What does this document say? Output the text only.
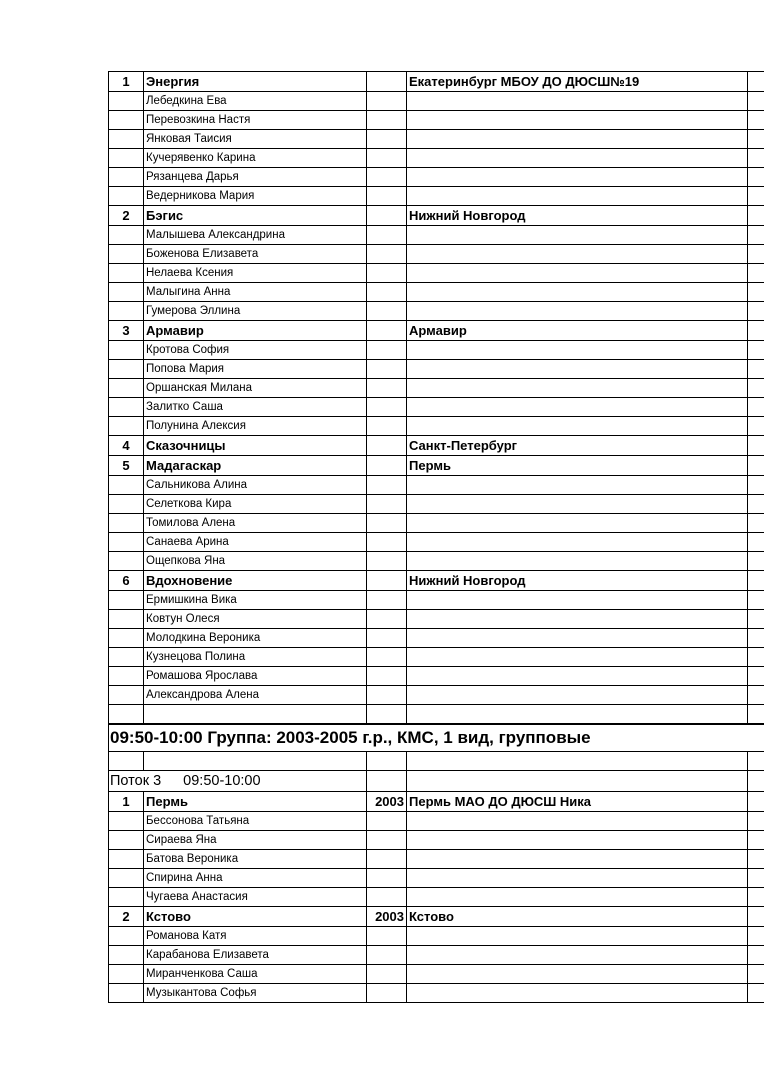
1	Энергия		Екатеринбург МБОУ ДО ДЮСШ№19	
	Лебедкина Ева			
	Перевозкина Настя			
	Янковая Таисия			
	Кучерявенко Карина			
	Рязанцева Дарья			
	Ведерникова Мария			
2	Бэгис		Нижний Новгород	
	Малышева Александрина			
	Боженова Елизавета			
	Нелаева Ксения			
	Малыгина Анна			
	Гумерова Эллина			
3	Армавир		Армавир	
	Кротова София			
	Попова Мария			
	Оршанская Милана			
	Залитко Саша			
	Полунина Алексия			
4	Сказочницы		Санкт-Петербург	
5	Мадагаскар		Пермь	
	Сальникова Алина			
	Селеткова Кира			
	Томилова Алена			
	Санаева Арина			
	Ощепкова Яна			
6	Вдохновение		Нижний Новгород	
	Ермишкина Вика			
	Ковтун Олеся			
	Молодкина Вероника			
	Кузнецова Полина			
	Ромашова Ярослава			
	Александрова Алена			

09:50-10:00 Группа: 2003-2005 г.р., КМС, 1 вид, групповые				

Поток 3 09:50-10:00				
1	Пермь	2003	Пермь МАО ДО ДЮСШ Ника	
	Бессонова Татьяна			
	Сираева Яна			
	Батова Вероника			
	Спирина Анна			
	Чугаева Анастасия			
2	Кстово	2003	Кстово	
	Романова Катя			
	Карабанова Елизавета			
	Миранченкова Саша			
	Музыкантова Софья			
